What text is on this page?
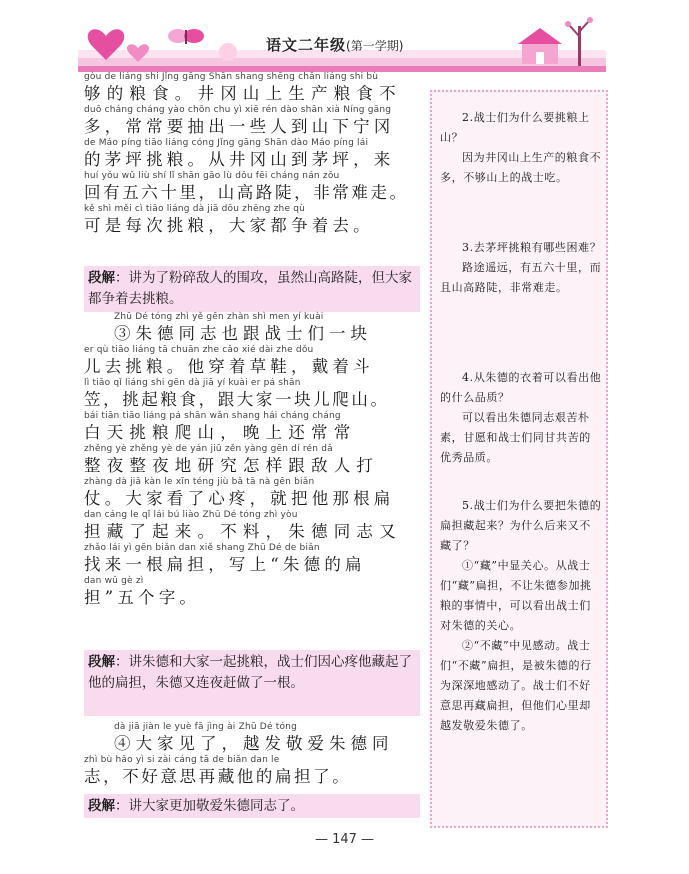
语文二年级(第一学期)
gòu de liáng shi Jǐng gāng Shān shang shēng chǎn liáng shi bù
够的粮食。井冈山上生产粮食不
duō cháng cháng yào chōn chu yì xiē rén dào shān xià Níng gāng
多，常常要抽出一些人到山下宁冈
de Máo píng tiāo liáng cóng Jǐng gāng Shān dào Máo píng lái
的茅坪挑粮。从井冈山到茅坪，来
huí yǒu wǔ liù shí lǐ shān gāo lù dǒu fēi cháng nán zǒu
回有五六十里，山高路陡，非常难走。
kě shì měi cì tiāo liáng dà jiā dōu zhēng zhe qù
可是每次挑粮，大家都争着去。
段解：讲为了粉碎敌人的围攻，虽然山高路陡，但大家都争着去挑粮。
Zhū Dé tóng zhì yě gēn zhàn shì men yí kuài
③朱德同志也跟战士们一块
er qù tiāo liáng tā chuān zhe cǎo xié dài zhe dǒu
儿去挑粮。他穿着草鞋，戴着斗
lì tiāo qǐ liáng shi gēn dà jiā yí kuài er pá shān
笠，挑起粮食，跟大家一块儿爬山。
bái tiān tiāo liáng pá shān wǎn shang hái cháng cháng
白天挑粮爬山，晚上还常常
zhěng yè zhěng yè de yán jiū zěn yàng gēn dí rén dǎ
整夜整夜地研究怎样跟敌人打
zhàng dà jiā kàn le xīn téng jiù bǎ tā nà gēn biǎn
仗。大家看了心疼，就把他那根扁
dan cáng le qǐ lái bú liào Zhū Dé tóng zhì yòu
担藏了起来。不料，朱德同志又
zhǎo lái yì gēn biǎn dan xiě shang Zhū Dé de biǎn
找来一根扁担，写上“朱德的扁
dan wǔ gè zì
担”五个字。
段解：讲朱德和大家一起挑粮，战士们因心疼他藏起了他的扁担，朱德又连夜赶做了一根。
dà jiā jiàn le yuè fā jìng ài Zhū Dé tóng
④大家见了，越发敬爱朱德同
zhì bù hǎo yì si zài cáng tā de biǎn dan le
志，不好意思再藏他的扁担了。
段解：讲大家更加敬爱朱德同志了。

2.战士们为什么要挑粮上山？

因为井冈山上生产的粮食不多，不够山上的战士吃。

3.去茅坪挑粮有哪些困难？

路途遥远，有五六十里，而且山高路陡，非常难走。

4.从朱德的衣着可以看出他的什么品质？

可以看出朱德同志艰苦朴素，甘愿和战士们同甘共苦的优秀品质。

5.战士们为什么要把朱德的扁担藏起来？为什么后来又不藏了？

①“藏”中显关心。从战士们“藏”扁担，不让朱德参加挑粮的事情中，可以看出战士们对朱德的关心。

②“不藏”中见感动。战士们“不藏”扁担，是被朱德的行为深深地感动了。战士们不好意思再藏扁担，但他们心里却越发敬爱朱德了。

— 147 —
